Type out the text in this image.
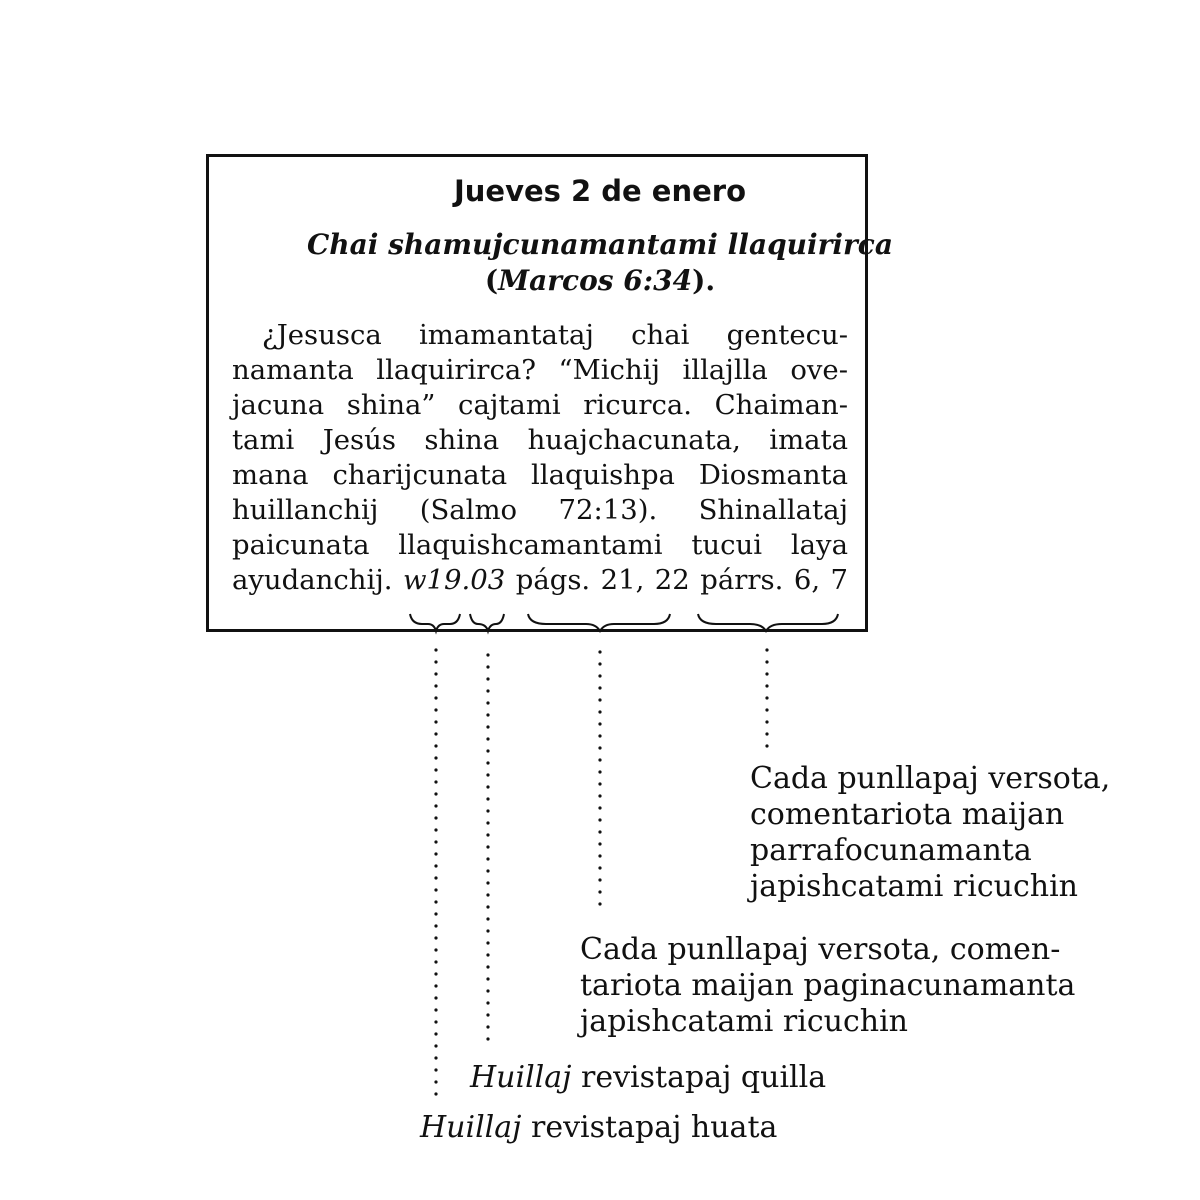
Jueves 2 de enero
Chai shamujcunamantami llaquirirca
(Marcos 6:34).
¿Jesusca imamantataj chai gentecu-
namanta llaquirirca? “Michij illajlla ove-
jacuna shina” cajtami ricurca. Chaiman-
tami Jesús shina huajchacunata, imata
mana charijcunata llaquishpa Diosmanta
huillanchij (Salmo 72:13). Shinallataj
paicunata llaquishcamantami tucui laya
ayudanchij. w19.03 págs. 21, 22 párrs. 6, 7
Cada punllapaj versota,
comentariota maijan
parrafocunamanta
japishcatami ricuchin
Cada punllapaj versota, comen-
tariota maijan paginacunamanta
japishcatami ricuchin
Huillaj revistapaj quilla
Huillaj revistapaj huata
